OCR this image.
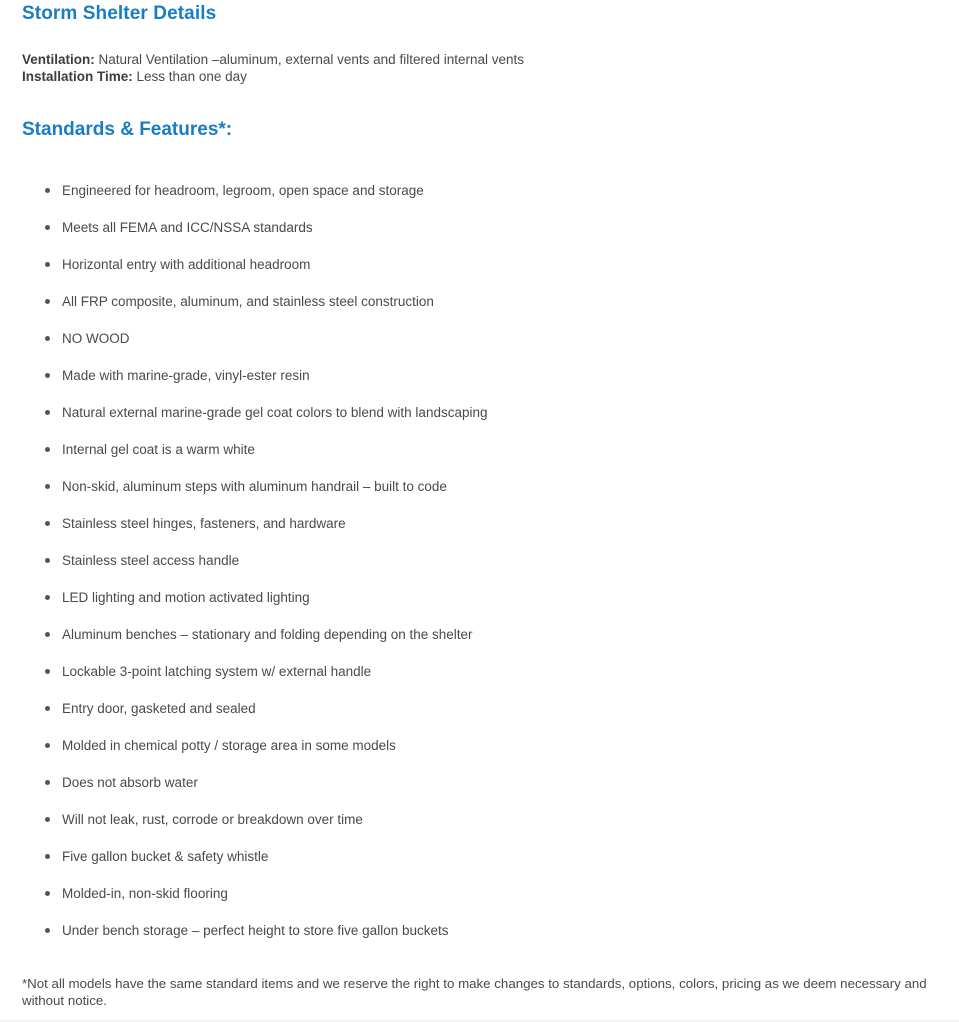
Storm Shelter Details
Ventilation: Natural Ventilation –aluminum, external vents and filtered internal vents
Installation Time: Less than one day
Standards & Features*:
Engineered for headroom, legroom, open space and storage
Meets all FEMA and ICC/NSSA standards
Horizontal entry with additional headroom
All FRP composite, aluminum, and stainless steel construction
NO WOOD
Made with marine-grade, vinyl-ester resin
Natural external marine-grade gel coat colors to blend with landscaping
Internal gel coat is a warm white
Non-skid, aluminum steps with aluminum handrail – built to code
Stainless steel hinges, fasteners, and hardware
Stainless steel access handle
LED lighting and motion activated lighting
Aluminum benches – stationary and folding depending on the shelter
Lockable 3-point latching system w/ external handle
Entry door, gasketed and sealed
Molded in chemical potty / storage area in some models
Does not absorb water
Will not leak, rust, corrode or breakdown over time
Five gallon bucket & safety whistle
Molded-in, non-skid flooring
Under bench storage – perfect height to store five gallon buckets

*Not all models have the same standard items and we reserve the right to make changes to standards, options, colors, pricing as we deem necessary and without notice.
